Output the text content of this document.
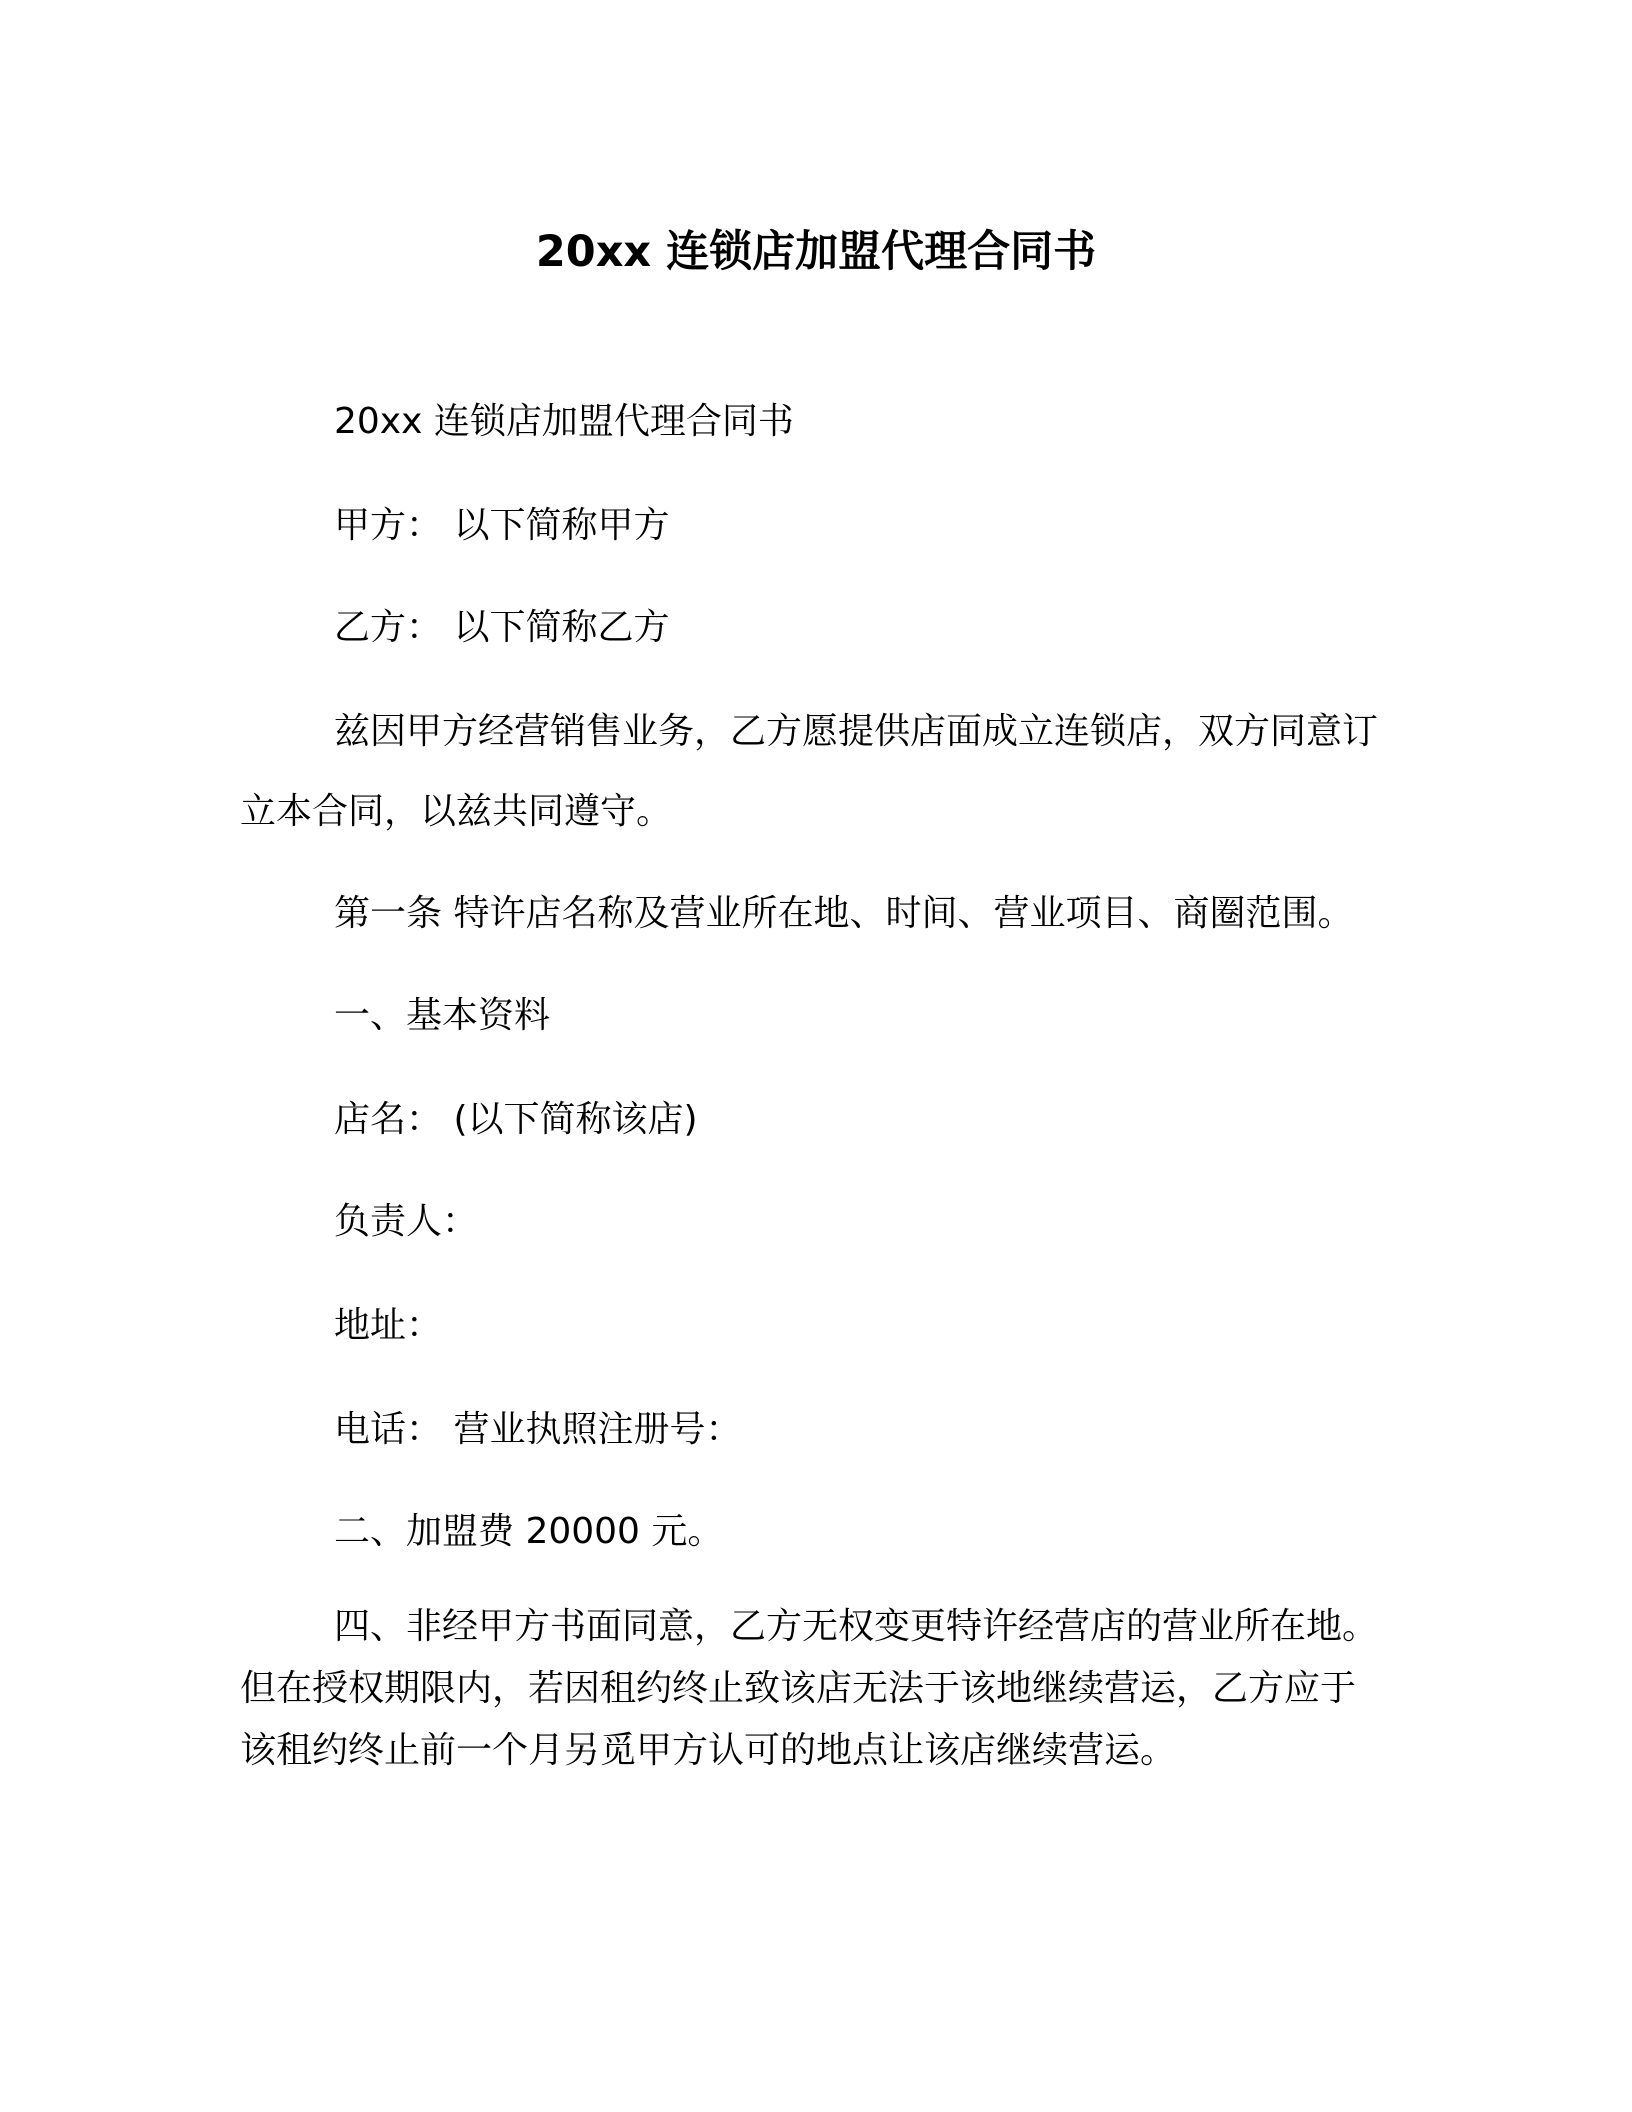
20xx 连锁店加盟代理合同书

20xx 连锁店加盟代理合同书

甲方： 以下简称甲方

乙方： 以下简称乙方

兹因甲方经营销售业务，乙方愿提供店面成立连锁店，双方同意订立本合同，以兹共同遵守。

第一条 特许店名称及营业所在地、时间、营业项目、商圈范围。

一、基本资料

店名： (以下简称该店)

负责人：

地址：

电话： 营业执照注册号：

二、加盟费 20000 元。

四、非经甲方书面同意，乙方无权变更特许经营店的营业所在地。但在授权期限内，若因租约终止致该店无法于该地继续营运，乙方应于该租约终止前一个月另觅甲方认可的地点让该店继续营运。
